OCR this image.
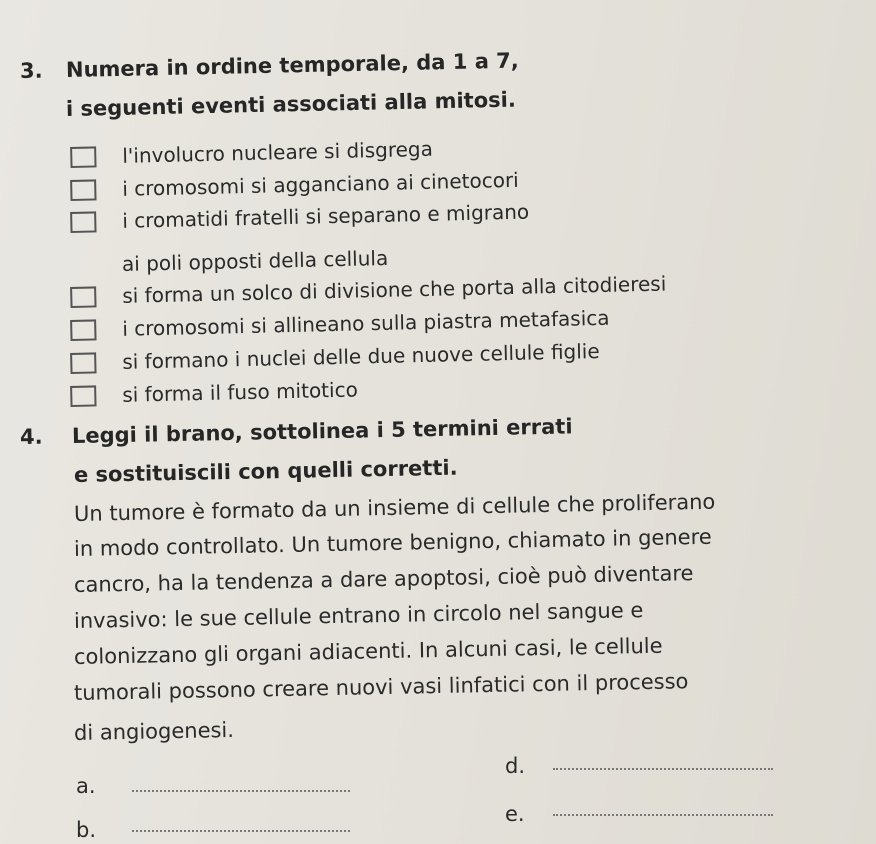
3. Numera in ordine temporale, da 1 a 7,
i seguenti eventi associati alla mitosi.
l'involucro nucleare si disgrega
i cromosomi si agganciano ai cinetocori
i cromatidi fratelli si separano e migrano
ai poli opposti della cellula
si forma un solco di divisione che porta alla citodieresi
i cromosomi si allineano sulla piastra metafasica
si formano i nuclei delle due nuove cellule figlie
si forma il fuso mitotico
4. Leggi il brano, sottolinea i 5 termini errati
e sostituiscili con quelli corretti.
Un tumore è formato da un insieme di cellule che proliferano
in modo controllato. Un tumore benigno, chiamato in genere
cancro, ha la tendenza a dare apoptosi, cioè può diventare
invasivo: le sue cellule entrano in circolo nel sangue e
colonizzano gli organi adiacenti. In alcuni casi, le cellule
tumorali possono creare nuovi vasi linfatici con il processo
di angiogenesi.
a.
b.
d.
e.
